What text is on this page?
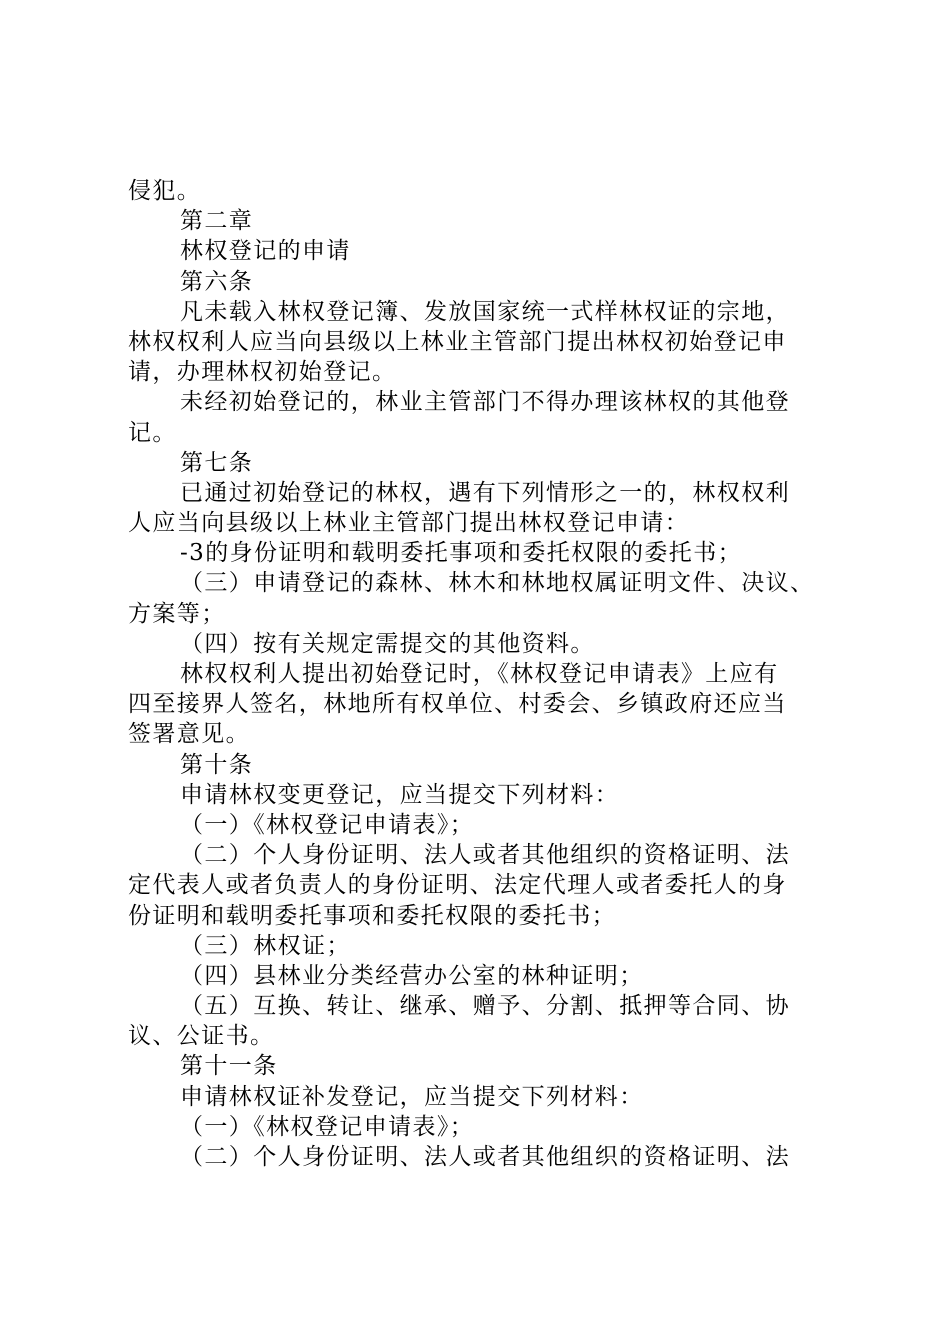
侵犯。
第二章
林权登记的申请
第六条
凡未载入林权登记簿、发放国家统一式样林权证的宗地，
林权权利人应当向县级以上林业主管部门提出林权初始登记申
请，办理林权初始登记。
未经初始登记的，林业主管部门不得办理该林权的其他登
记。
第七条
已通过初始登记的林权，遇有下列情形之一的，林权权利
人应当向县级以上林业主管部门提出林权登记申请：
-3的身份证明和载明委托事项和委托权限的委托书；
（三）申请登记的森林、林木和林地权属证明文件、决议、
方案等；
（四）按有关规定需提交的其他资料。
林权权利人提出初始登记时，《林权登记申请表》上应有
四至接界人签名，林地所有权单位、村委会、乡镇政府还应当
签署意见。
第十条
申请林权变更登记，应当提交下列材料：
（一）《林权登记申请表》；
（二）个人身份证明、法人或者其他组织的资格证明、法
定代表人或者负责人的身份证明、法定代理人或者委托人的身
份证明和载明委托事项和委托权限的委托书；
（三）林权证；
（四）县林业分类经营办公室的林种证明；
（五）互换、转让、继承、赠予、分割、抵押等合同、协
议、公证书。
第十一条
申请林权证补发登记，应当提交下列材料：
（一）《林权登记申请表》；
（二）个人身份证明、法人或者其他组织的资格证明、法
